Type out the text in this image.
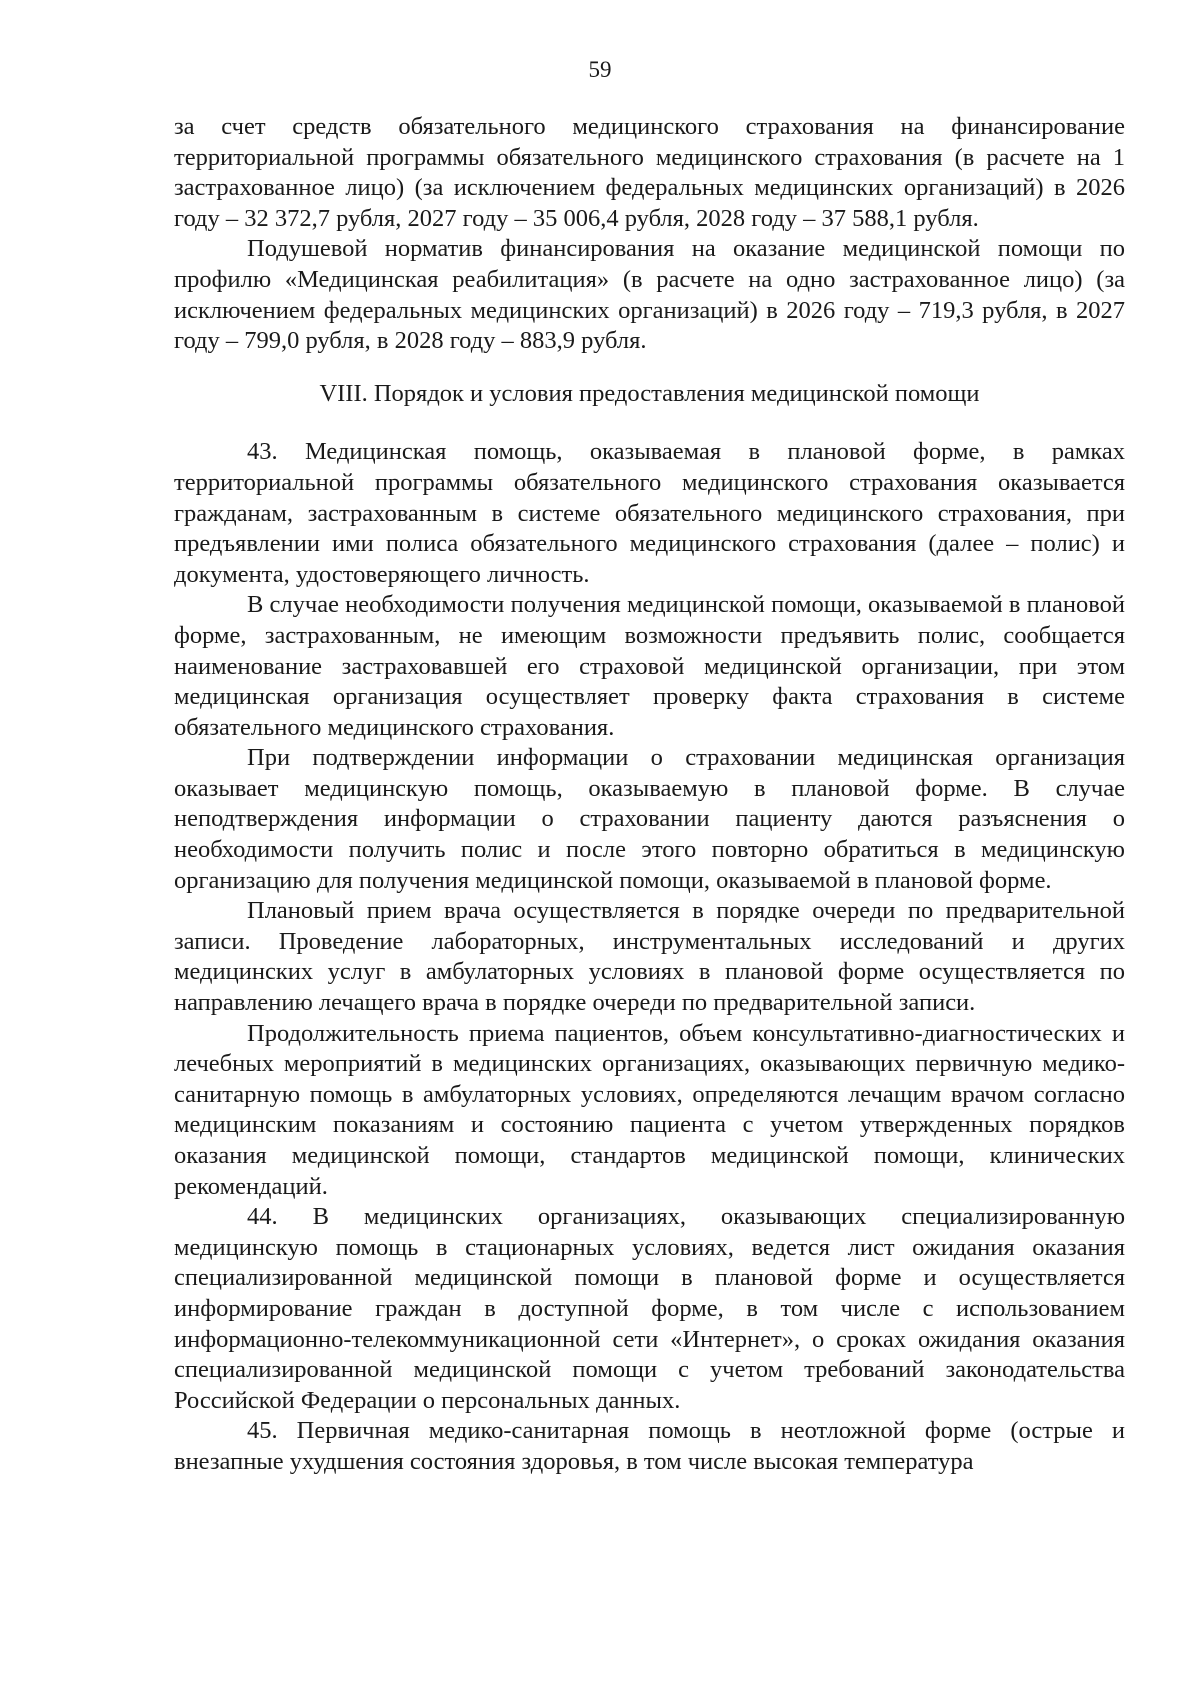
59

за счет средств обязательного медицинского страхования на финансирование территориальной программы обязательного медицинского страхования (в расчете на 1 застрахованное лицо) (за исключением федеральных медицинских организаций) в 2026 году – 32 372,7 рубля, 2027 году – 35 006,4 рубля, 2028 году – 37 588,1 рубля.

Подушевой норматив финансирования на оказание медицинской помощи по профилю «Медицинская реабилитация» (в расчете на одно застрахованное лицо) (за исключением федеральных медицинских организаций) в 2026 году – 719,3 рубля, в 2027 году – 799,0 рубля, в 2028 году – 883,9 рубля.

VIII. Порядок и условия предоставления медицинской помощи

43. Медицинская помощь, оказываемая в плановой форме, в рамках территориальной программы обязательного медицинского страхования оказывается гражданам, застрахованным в системе обязательного медицинского страхования, при предъявлении ими полиса обязательного медицинского страхования (далее – полис) и документа, удостоверяющего личность.

В случае необходимости получения медицинской помощи, оказываемой в плановой форме, застрахованным, не имеющим возможности предъявить полис, сообщается наименование застраховавшей его страховой медицинской организации, при этом медицинская организация осуществляет проверку факта страхования в системе обязательного медицинского страхования.

При подтверждении информации о страховании медицинская организация оказывает медицинскую помощь, оказываемую в плановой форме. В случае неподтверждения информации о страховании пациенту даются разъяснения о необходимости получить полис и после этого повторно обратиться в медицинскую организацию для получения медицинской помощи, оказываемой в плановой форме.

Плановый прием врача осуществляется в порядке очереди по предварительной записи. Проведение лабораторных, инструментальных исследований и других медицинских услуг в амбулаторных условиях в плановой форме осуществляется по направлению лечащего врача в порядке очереди по предварительной записи.

Продолжительность приема пациентов, объем консультативно-диагностических и лечебных мероприятий в медицинских организациях, оказывающих первичную медико-санитарную помощь в амбулаторных условиях, определяются лечащим врачом согласно медицинским показаниям и состоянию пациента с учетом утвержденных порядков оказания медицинской помощи, стандартов медицинской помощи, клинических рекомендаций.

44. В медицинских организациях, оказывающих специализированную медицинскую помощь в стационарных условиях, ведется лист ожидания оказания специализированной медицинской помощи в плановой форме и осуществляется информирование граждан в доступной форме, в том числе с использованием информационно-телекоммуникационной сети «Интернет», о сроках ожидания оказания специализированной медицинской помощи с учетом требований законодательства Российской Федерации о персональных данных.

45. Первичная медико-санитарная помощь в неотложной форме (острые и внезапные ухудшения состояния здоровья, в том числе высокая температура
